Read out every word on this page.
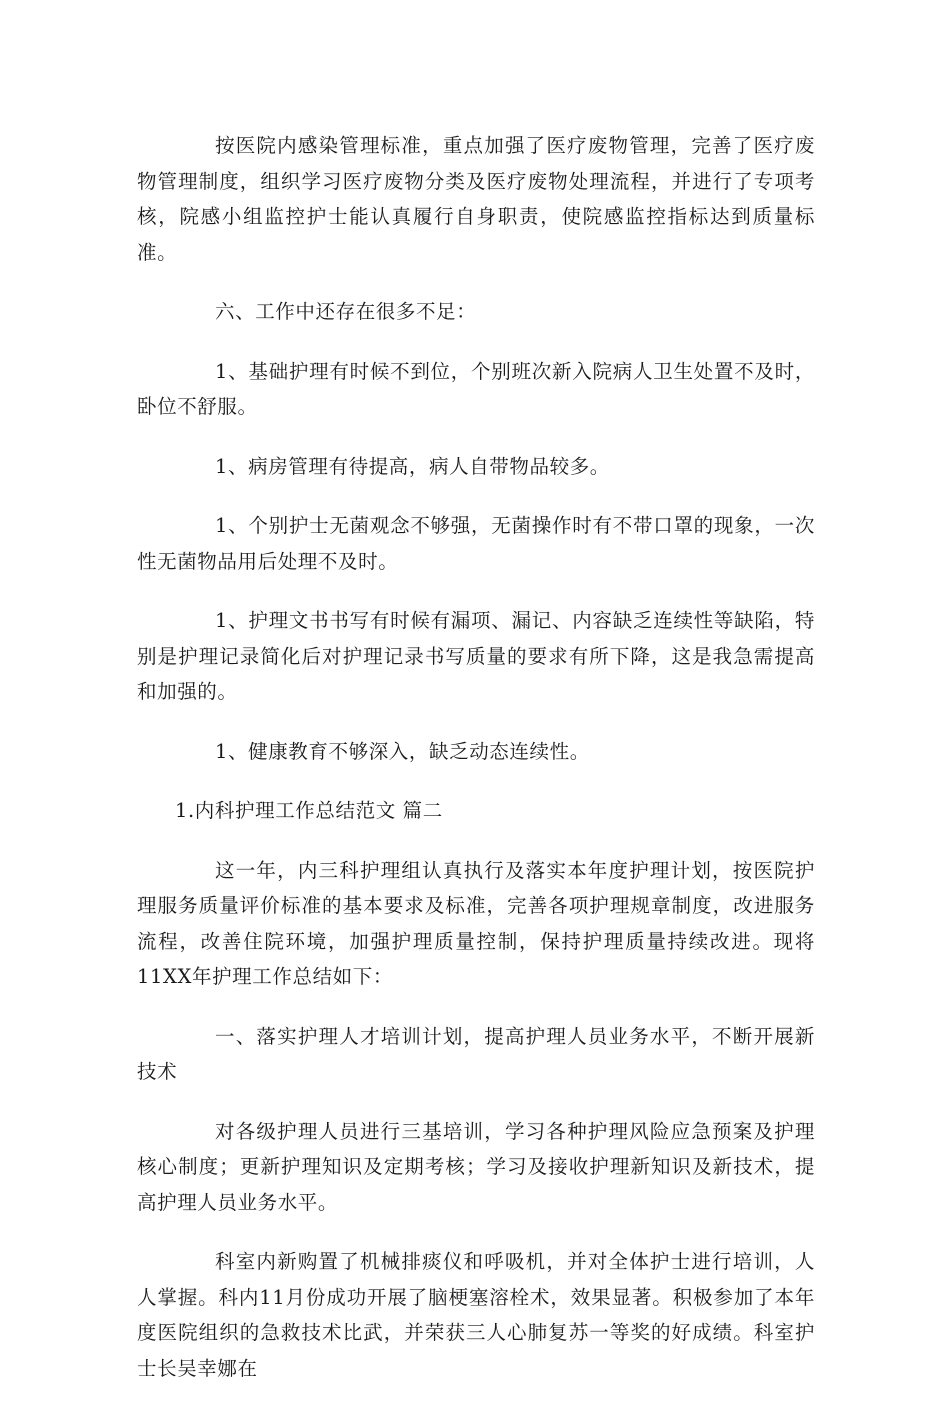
按医院内感染管理标准，重点加强了医疗废物管理，完善了医疗废物管理制度，组织学习医疗废物分类及医疗废物处理流程，并进行了专项考核，院感小组监控护士能认真履行自身职责，使院感监控指标达到质量标准。

六、工作中还存在很多不足：

1、基础护理有时候不到位，个别班次新入院病人卫生处置不及时，卧位不舒服。

1、病房管理有待提高，病人自带物品较多。

1、个别护士无菌观念不够强，无菌操作时有不带口罩的现象，一次性无菌物品用后处理不及时。

1、护理文书书写有时候有漏项、漏记、内容缺乏连续性等缺陷，特别是护理记录简化后对护理记录书写质量的要求有所下降，这是我急需提高和加强的。

1、健康教育不够深入，缺乏动态连续性。

1.内科护理工作总结范文 篇二

这一年，内三科护理组认真执行及落实本年度护理计划，按医院护理服务质量评价标准的基本要求及标准，完善各项护理规章制度，改进服务流程，改善住院环境，加强护理质量控制，保持护理质量持续改进。现将11XX年护理工作总结如下：

一、落实护理人才培训计划，提高护理人员业务水平，不断开展新技术

对各级护理人员进行三基培训，学习各种护理风险应急预案及护理核心制度；更新护理知识及定期考核；学习及接收护理新知识及新技术，提高护理人员业务水平。

科室内新购置了机械排痰仪和呼吸机，并对全体护士进行培训，人人掌握。科内11月份成功开展了脑梗塞溶栓术，效果显著。积极参加了本年度医院组织的急救技术比武，并荣获三人心肺复苏一等奖的好成绩。科室护士长吴幸娜在
